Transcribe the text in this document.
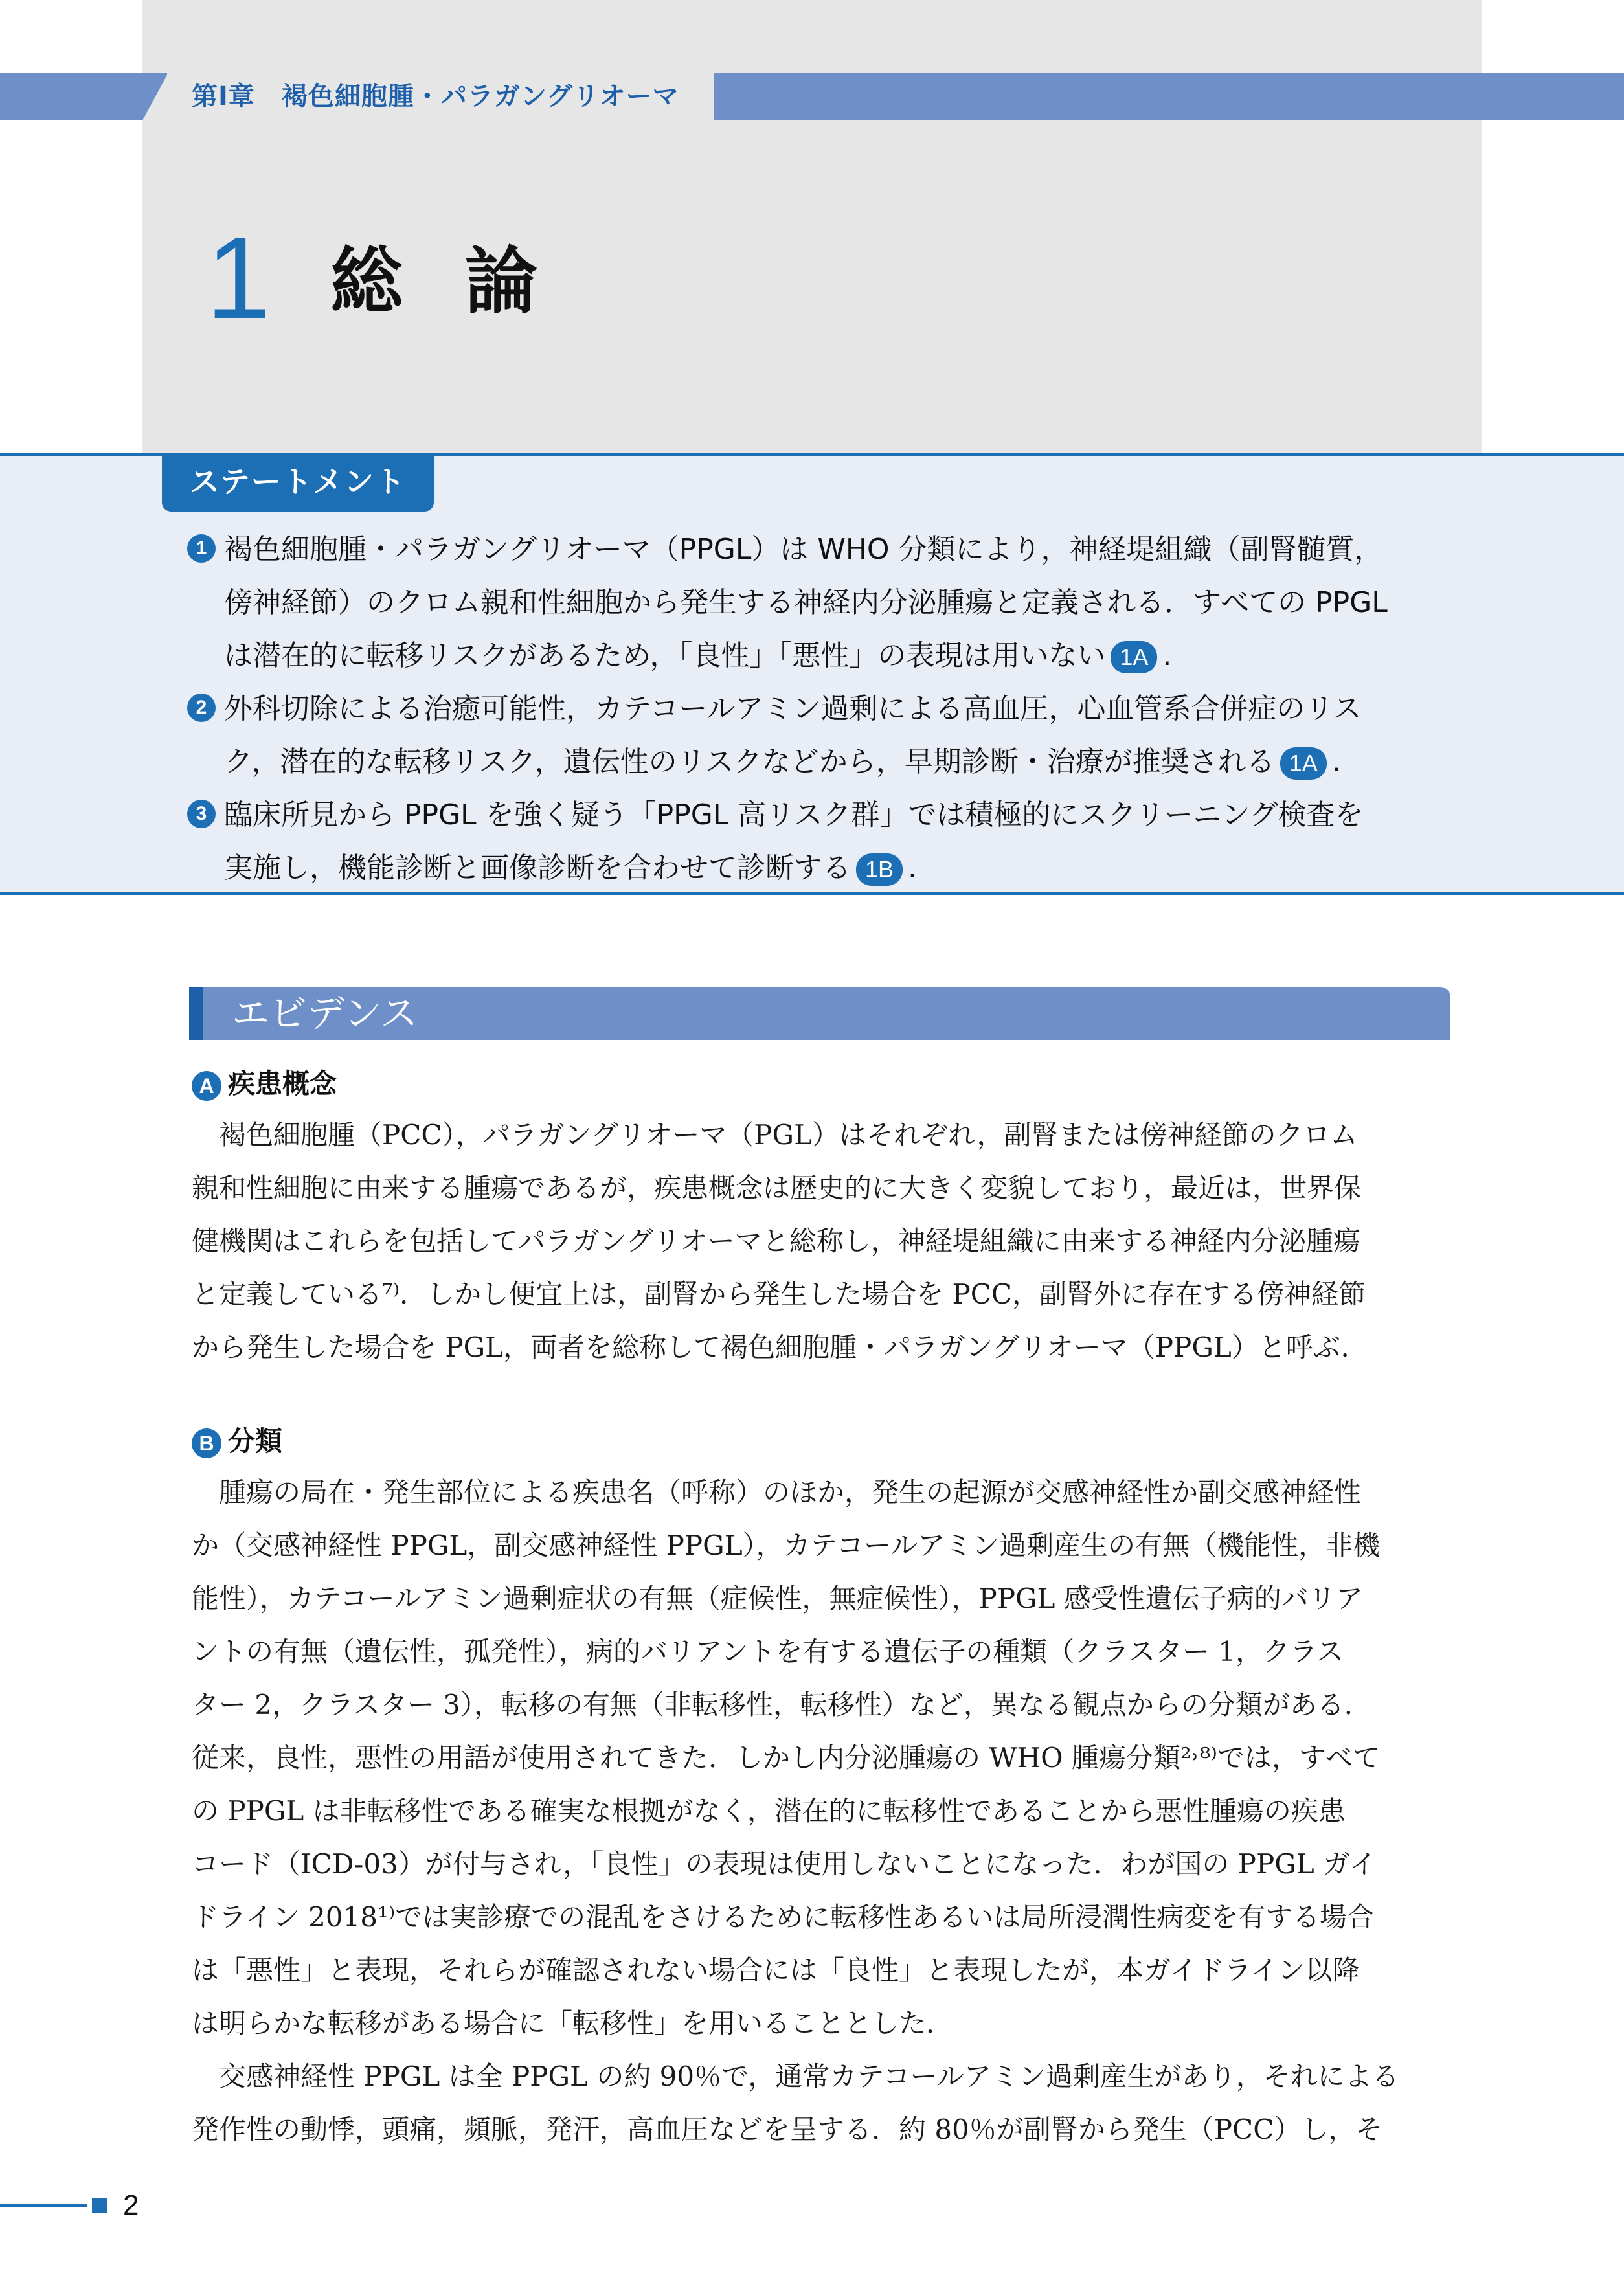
第Ⅰ章　褐色細胞腫・パラガングリオーマ
1 総論
ステートメント
1 褐色細胞腫・パラガングリオーマ（PPGL）は WHO 分類により，神経堤組織（副腎髄質，
傍神経節）のクロム親和性細胞から発生する神経内分泌腫瘍と定義される．すべての PPGL
は潜在的に転移リスクがあるため，「良性」「悪性」の表現は用いない 1A .
2 外科切除による治癒可能性，カテコールアミン過剰による高血圧，心血管系合併症のリス
ク，潜在的な転移リスク，遺伝性のリスクなどから，早期診断・治療が推奨される 1A .
3 臨床所見から PPGL を強く疑う「PPGL 高リスク群」では積極的にスクリーニング検査を
実施し，機能診断と画像診断を合わせて診断する 1B .
エビデンス
A 疾患概念
　褐色細胞腫（PCC），パラガングリオーマ（PGL）はそれぞれ，副腎または傍神経節のクロム
親和性細胞に由来する腫瘍であるが，疾患概念は歴史的に大きく変貌しており，最近は，世界保
健機関はこれらを包括してパラガングリオーマと総称し，神経堤組織に由来する神経内分泌腫瘍
と定義している⁷⁾．しかし便宜上は，副腎から発生した場合を PCC，副腎外に存在する傍神経節
から発生した場合を PGL，両者を総称して褐色細胞腫・パラガングリオーマ（PPGL）と呼ぶ．
B 分類
　腫瘍の局在・発生部位による疾患名（呼称）のほか，発生の起源が交感神経性か副交感神経性
か（交感神経性 PPGL，副交感神経性 PPGL），カテコールアミン過剰産生の有無（機能性，非機
能性），カテコールアミン過剰症状の有無（症候性，無症候性），PPGL 感受性遺伝子病的バリア
ントの有無（遺伝性，孤発性），病的バリアントを有する遺伝子の種類（クラスター 1，クラス
ター 2，クラスター 3），転移の有無（非転移性，転移性）など，異なる観点からの分類がある．
従来，良性，悪性の用語が使用されてきた．しかし内分泌腫瘍の WHO 腫瘍分類²˒⁸⁾では，すべて
の PPGL は非転移性である確実な根拠がなく，潜在的に転移性であることから悪性腫瘍の疾患
コード（ICD-03）が付与され，「良性」の表現は使用しないことになった．わが国の PPGL ガイ
ドライン 2018¹⁾では実診療での混乱をさけるために転移性あるいは局所浸潤性病変を有する場合
は「悪性」と表現，それらが確認されない場合には「良性」と表現したが，本ガイドライン以降
は明らかな転移がある場合に「転移性」を用いることとした．
　交感神経性 PPGL は全 PPGL の約 90％で，通常カテコールアミン過剰産生があり，それによる
発作性の動悸，頭痛，頻脈，発汗，高血圧などを呈する．約 80％が副腎から発生（PCC）し，そ
2
